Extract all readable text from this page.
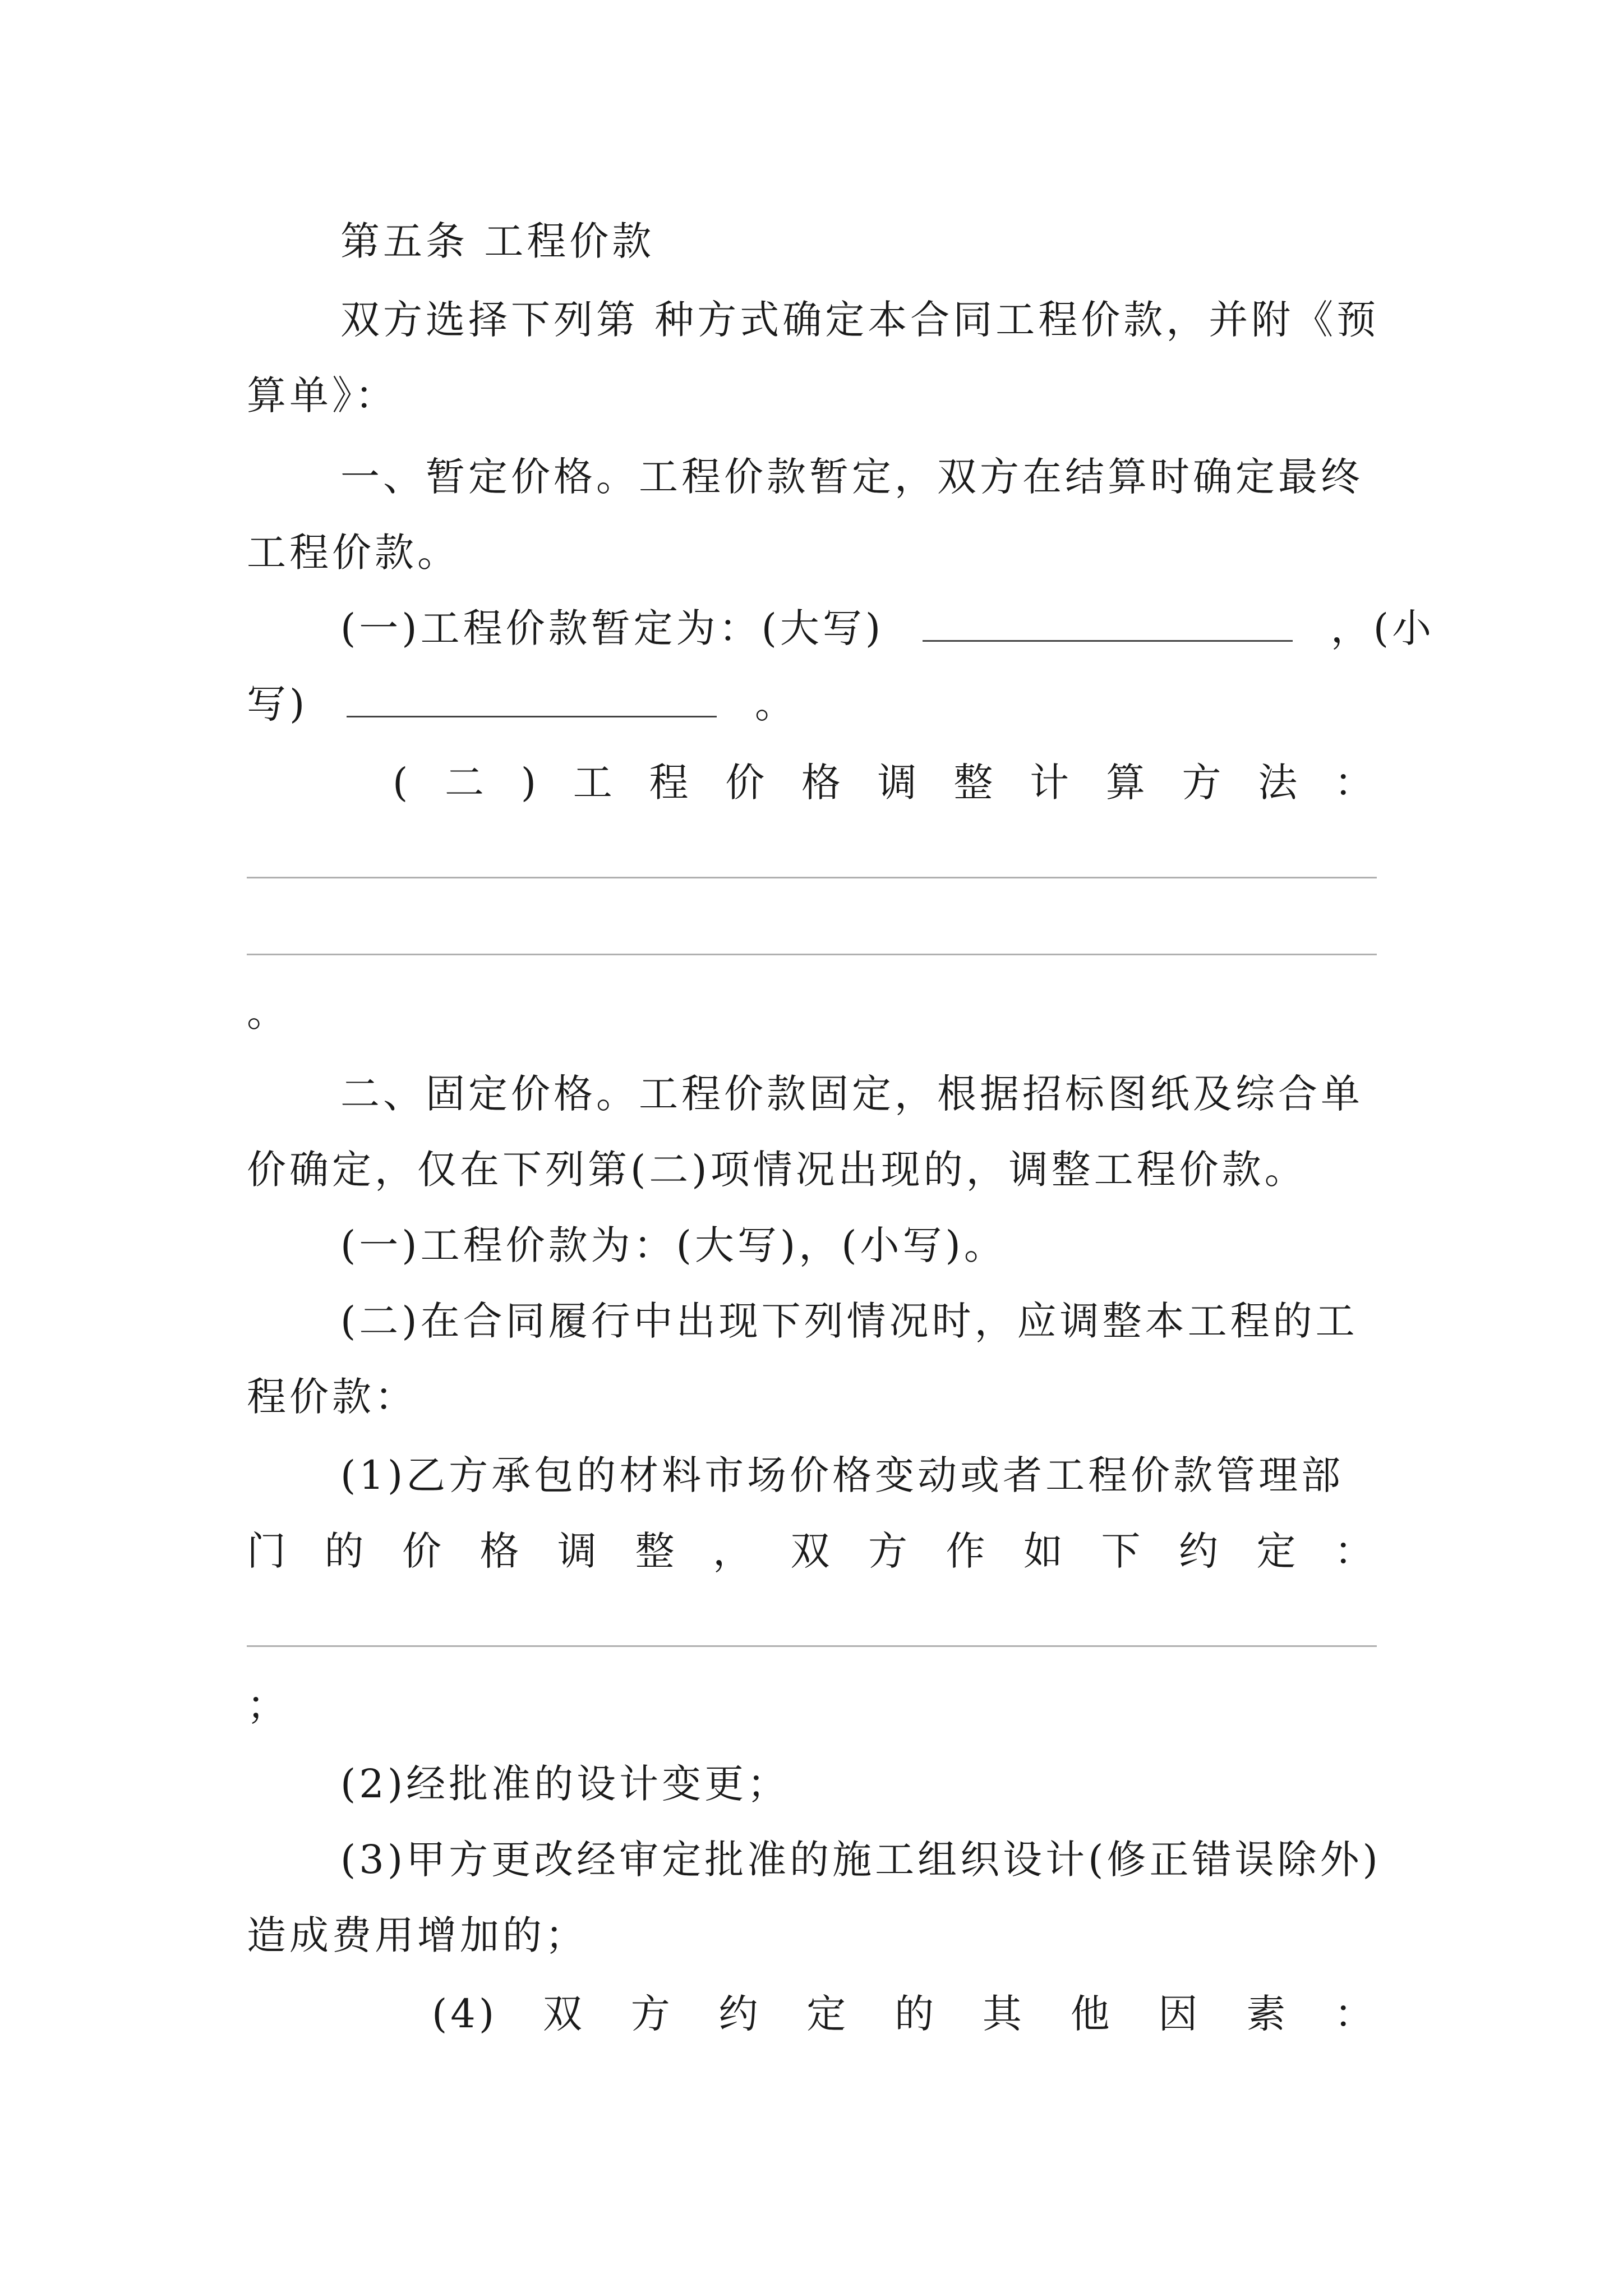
第五条 工程价款
双方选择下列第 种方式确定本合同工程价款，并附《预
算单》：
一、暂定价格。工程价款暂定，双方在结算时确定最终
工程价款。
(一)工程价款暂定为：(大写)	，(小
写)	。
( 二 ) 工 程 价 格 调 整 计 算 方 法 ：
。
二、固定价格。工程价款固定，根据招标图纸及综合单
价确定，仅在下列第(二)项情况出现的，调整工程价款。
(一)工程价款为：(大写)，(小写)。
(二)在合同履行中出现下列情况时，应调整本工程的工
程价款：
(1)乙方承包的材料市场价格变动或者工程价款管理部
门 的 价 格 调 整 ， 双 方 作 如 下 约 定 ：
；
(2)经批准的设计变更；
(3)甲方更改经审定批准的施工组织设计(修正错误除外)
造成费用增加的；
(4) 双 方 约 定 的 其 他 因 素 ：
